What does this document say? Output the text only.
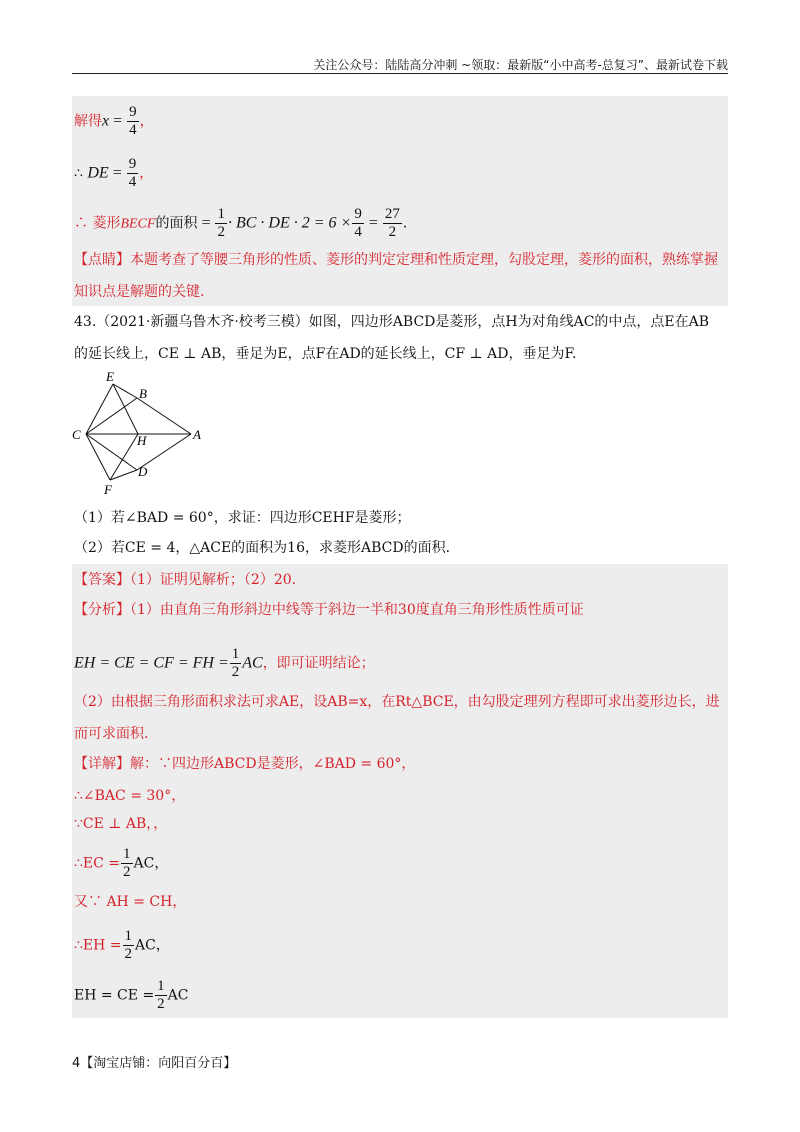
关注公众号：陆陆高分冲刺 ~领取：最新版“小中高考-总复习”、最新试卷下载
解得$x = \frac{9}{4}$ ，
∴ DE = $\frac{9}{4}$ ，
∴ 菱形BECF的面积 = $\frac{1}{2}$ · BC · DE · $2 = 6 \times \frac{9}{4} = \frac{27}{2}$ .
【点睛】本题考查了等腰三角形的性质、菱形的判定定理和性质定理，勾股定理，菱形的面积，熟练掌握
知识点是解题的关键.
43.（2021·新疆乌鲁木齐·校考三模）如图，四边形ABCD是菱形，点H为对角线AC的中点，点E在AB
的延长线上，CE ⊥ AB，垂足为E，点F在AD的延长线上，CF ⊥ AD，垂足为F.
E
B
C	H	A
D
F
（1）若∠BAD = 60°，求证：四边形CEHF是菱形；
（2）若CE = 4，△ACE的面积为16，求菱形ABCD的面积.
【答案】（1）证明见解析；（2）20.
【分析】（1）由直角三角形斜边中线等于斜边一半和30度直角三角形性质性质可证
EH = CE = CF = FH = $\frac{1}{2}$ AC，即可证明结论；
（2）由根据三角形面积求法可求AE，设AB=x，在Rt△BCE，由勾股定理列方程即可求出菱形边长，进
而可求面积.
【详解】解：∵四边形ABCD是菱形，∠BAD = 60°，
∴∠BAC = 30°，
∵CE ⊥ AB，，
∴EC = $\frac{1}{2}$ AC，
又∵ AH = CH，
∴EH = $\frac{1}{2}$ AC，
EH = CE = $\frac{1}{2}$ AC
4【淘宝店铺：向阳百分百】
